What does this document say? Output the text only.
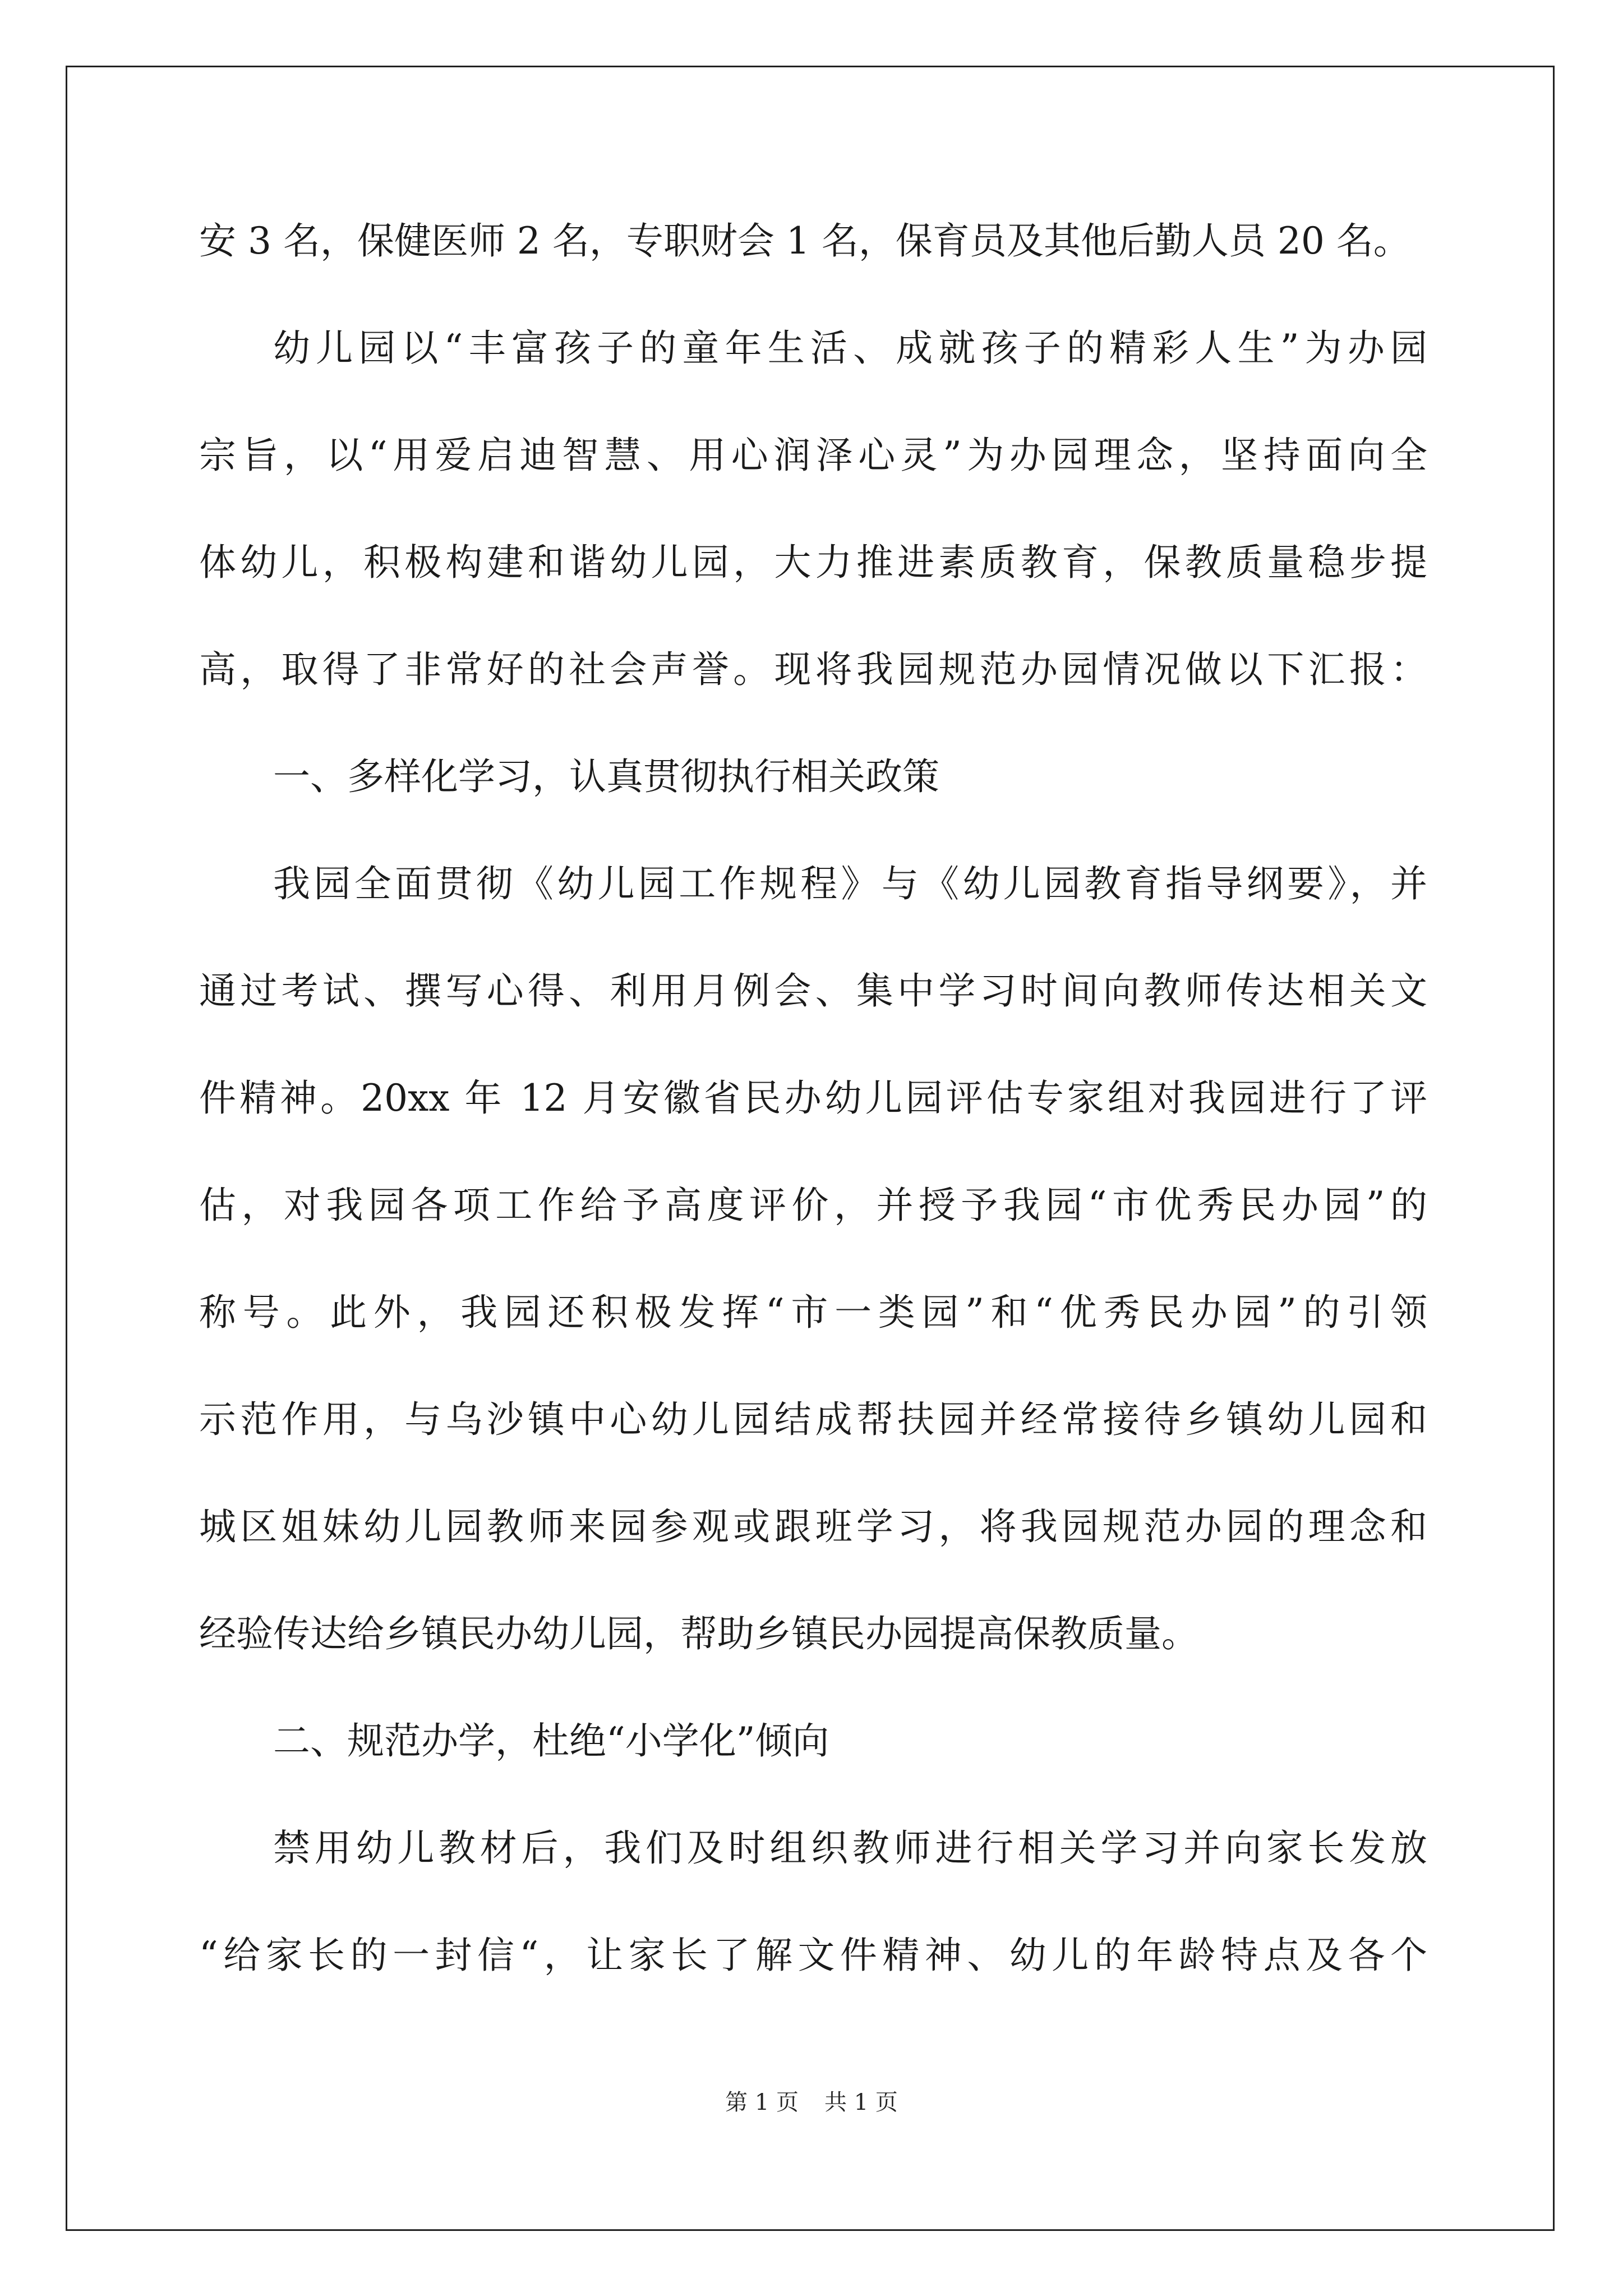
安 3 名，保健医师 2 名，专职财会 1 名，保育员及其他后勤人员 20 名。
幼儿园以“丰富孩子的童年生活、成就孩子的精彩人生”为办园
宗旨，以“用爱启迪智慧、用心润泽心灵”为办园理念，坚持面向全
体幼儿，积极构建和谐幼儿园，大力推进素质教育，保教质量稳步提
高，取得了非常好的社会声誉。现将我园规范办园情况做以下汇报：
一、多样化学习，认真贯彻执行相关政策
我园全面贯彻《幼儿园工作规程》与《幼儿园教育指导纲要》，并
通过考试、撰写心得、利用月例会、集中学习时间向教师传达相关文
件精神。20xx 年 12 月安徽省民办幼儿园评估专家组对我园进行了评
估，对我园各项工作给予高度评价，并授予我园“市优秀民办园”的
称号。此外，我园还积极发挥“市一类园”和“优秀民办园”的引领
示范作用，与乌沙镇中心幼儿园结成帮扶园并经常接待乡镇幼儿园和
城区姐妹幼儿园教师来园参观或跟班学习，将我园规范办园的理念和
经验传达给乡镇民办幼儿园，帮助乡镇民办园提高保教质量。
二、规范办学，杜绝“小学化”倾向
禁用幼儿教材后，我们及时组织教师进行相关学习并向家长发放
“给家长的一封信“，让家长了解文件精神、幼儿的年龄特点及各个
第 1 页 共 1 页
